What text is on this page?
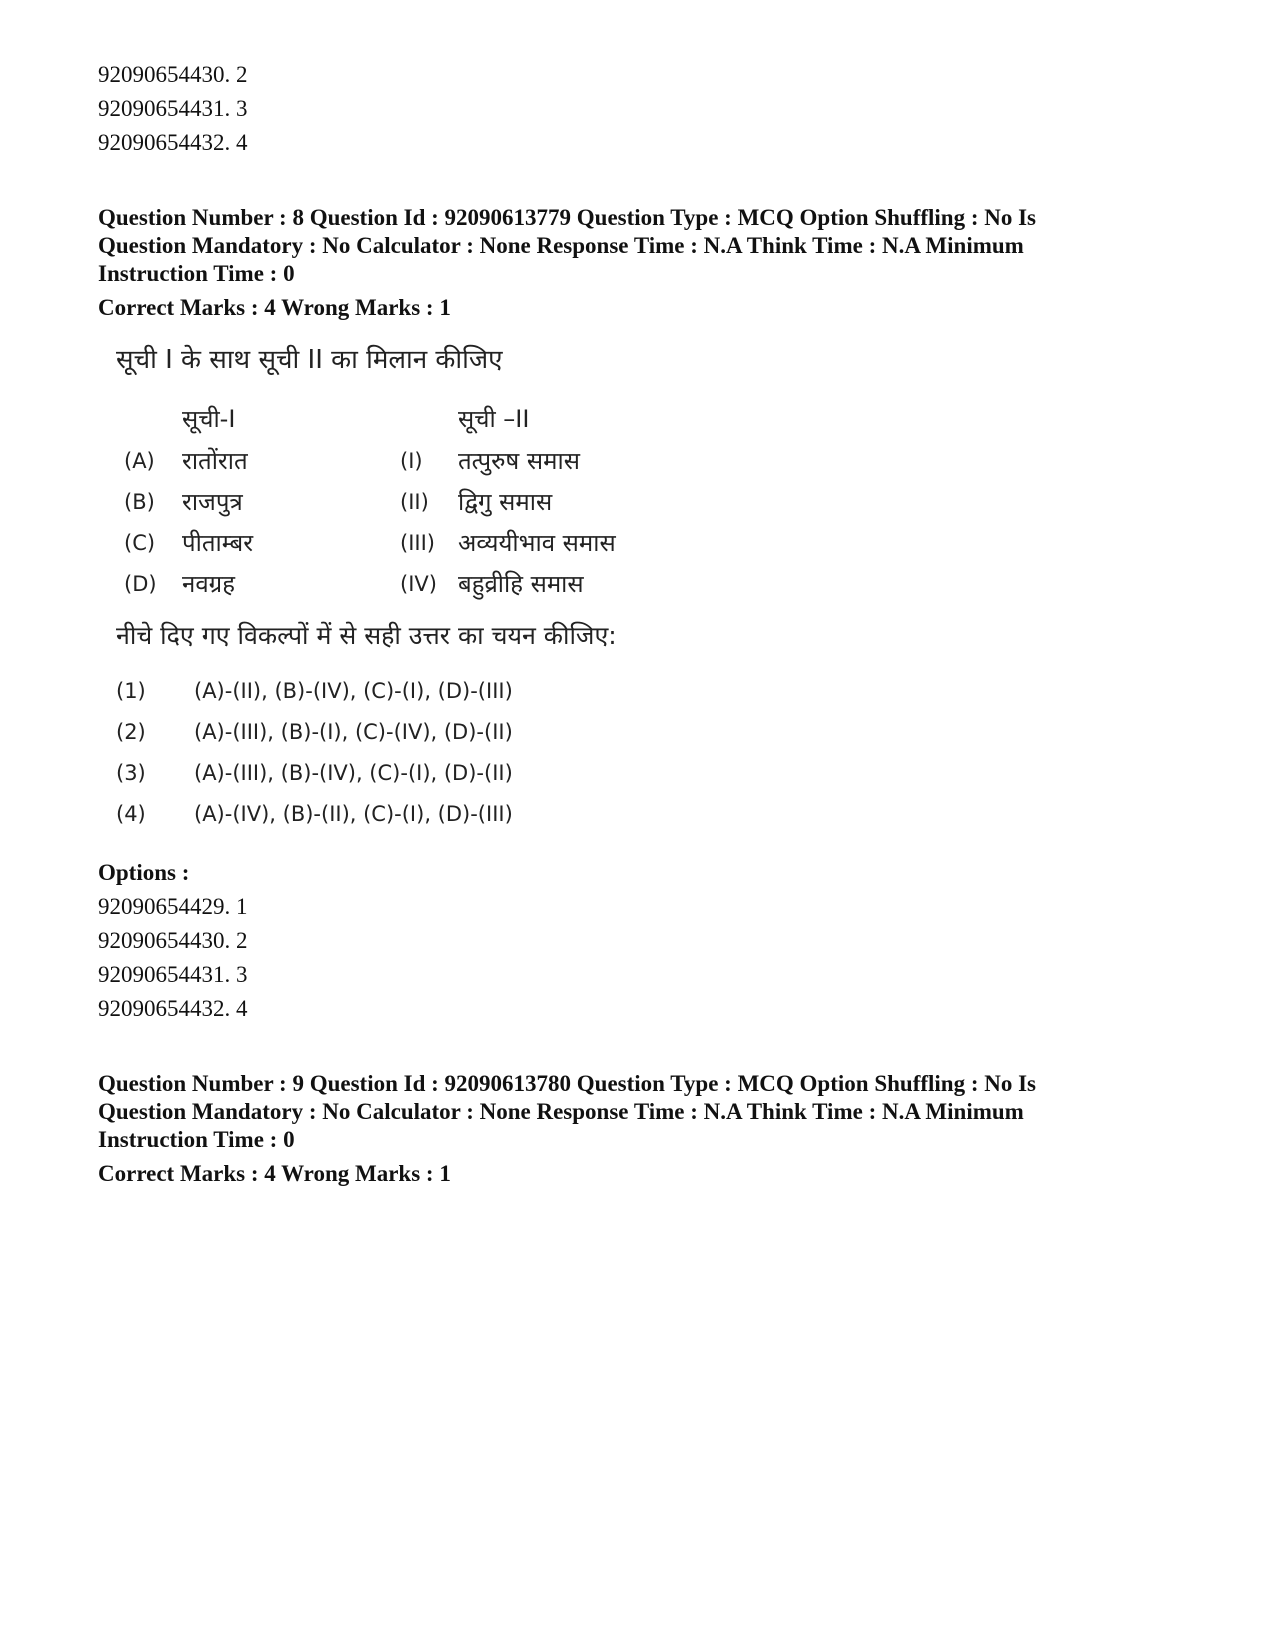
92090654430. 2
92090654431. 3
92090654432. 4
Question Number : 8 Question Id : 92090613779 Question Type : MCQ Option Shuffling : No Is
Question Mandatory : No Calculator : None Response Time : N.A Think Time : N.A Minimum
Instruction Time : 0
Correct Marks : 4 Wrong Marks : 1
सूची I के साथ सूची II का मिलान कीजिए
	सूची-I		सूची –II
(A)	रातोंरात	(I)	तत्पुरुष समास
(B)	राजपुत्र	(II)	द्विगु समास
(C)	पीताम्बर	(III)	अव्ययीभाव समास
(D)	नवग्रह	(IV)	बहुव्रीहि समास
नीचे दिए गए विकल्पों में से सही उत्तर का चयन कीजिए:
(1)	(A)-(II), (B)-(IV), (C)-(I), (D)-(III)
(2)	(A)-(III), (B)-(I), (C)-(IV), (D)-(II)
(3)	(A)-(III), (B)-(IV), (C)-(I), (D)-(II)
(4)	(A)-(IV), (B)-(II), (C)-(I), (D)-(III)
Options :
92090654429. 1
92090654430. 2
92090654431. 3
92090654432. 4
Question Number : 9 Question Id : 92090613780 Question Type : MCQ Option Shuffling : No Is
Question Mandatory : No Calculator : None Response Time : N.A Think Time : N.A Minimum
Instruction Time : 0
Correct Marks : 4 Wrong Marks : 1
